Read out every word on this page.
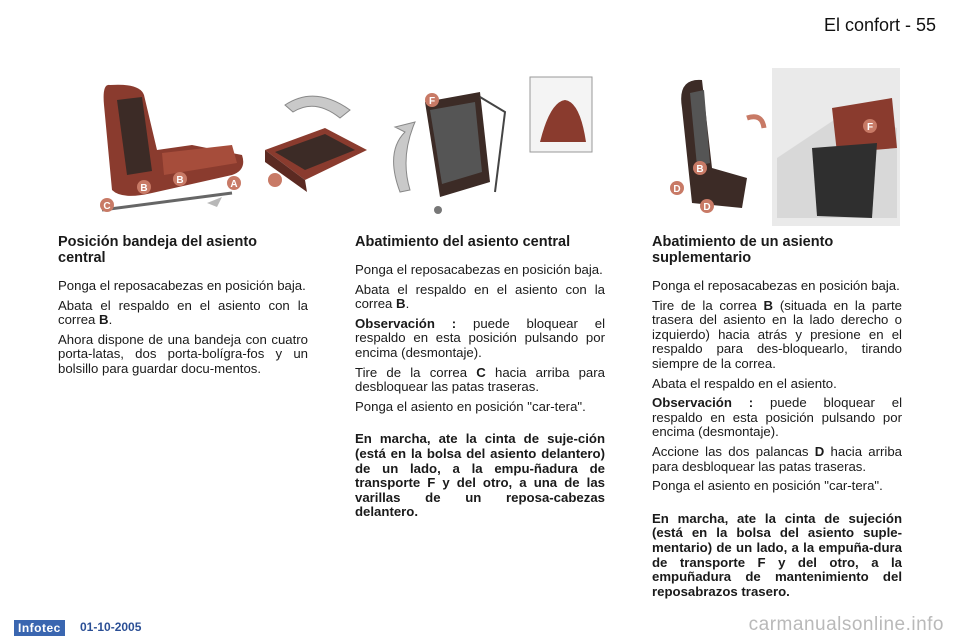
El confort - 55
A
B
B
C
F
B
D
D
F
Posición bandeja del asiento central
Ponga el reposacabezas en posición baja.
Abata el respaldo en el asiento con la correa B.
Ahora dispone de una bandeja con cuatro porta-latas, dos porta-bolígra-fos y un bolsillo para guardar docu-mentos.
Abatimiento del asiento central
Ponga el reposacabezas en posición baja.
Abata el respaldo en el asiento con la correa B.
Observación : puede bloquear el respaldo en esta posición pulsando por encima (desmontaje).
Tire de la correa C hacia arriba para desbloquear las patas traseras.
Ponga el asiento en posición "car-tera".
En marcha, ate la cinta de suje-ción (está en la bolsa del asiento delantero) de un lado, a la empu-ñadura de transporte F y del otro, a una de las varillas de un reposa-cabezas delantero.
Abatimiento de un asiento suplementario
Ponga el reposacabezas en posición baja.
Tire de la correa B (situada en la parte trasera del asiento en la lado derecho o izquierdo) hacia atrás y presione en el respaldo para des-bloquearlo, tirando siempre de la correa.
Abata el respaldo en el asiento.
Observación : puede bloquear el respaldo en esta posición pulsando por encima (desmontaje).
Accione las dos palancas D hacia arriba para desbloquear las patas traseras.
Ponga el asiento en posición "car-tera".
En marcha, ate la cinta de sujeción (está en la bolsa del asiento suple-mentario) de un lado, a la empuña-dura de transporte F y del otro, a la empuñadura de mantenimiento del reposabrazos trasero.
Infotec	01-10-2005	carmanualsonline.info
